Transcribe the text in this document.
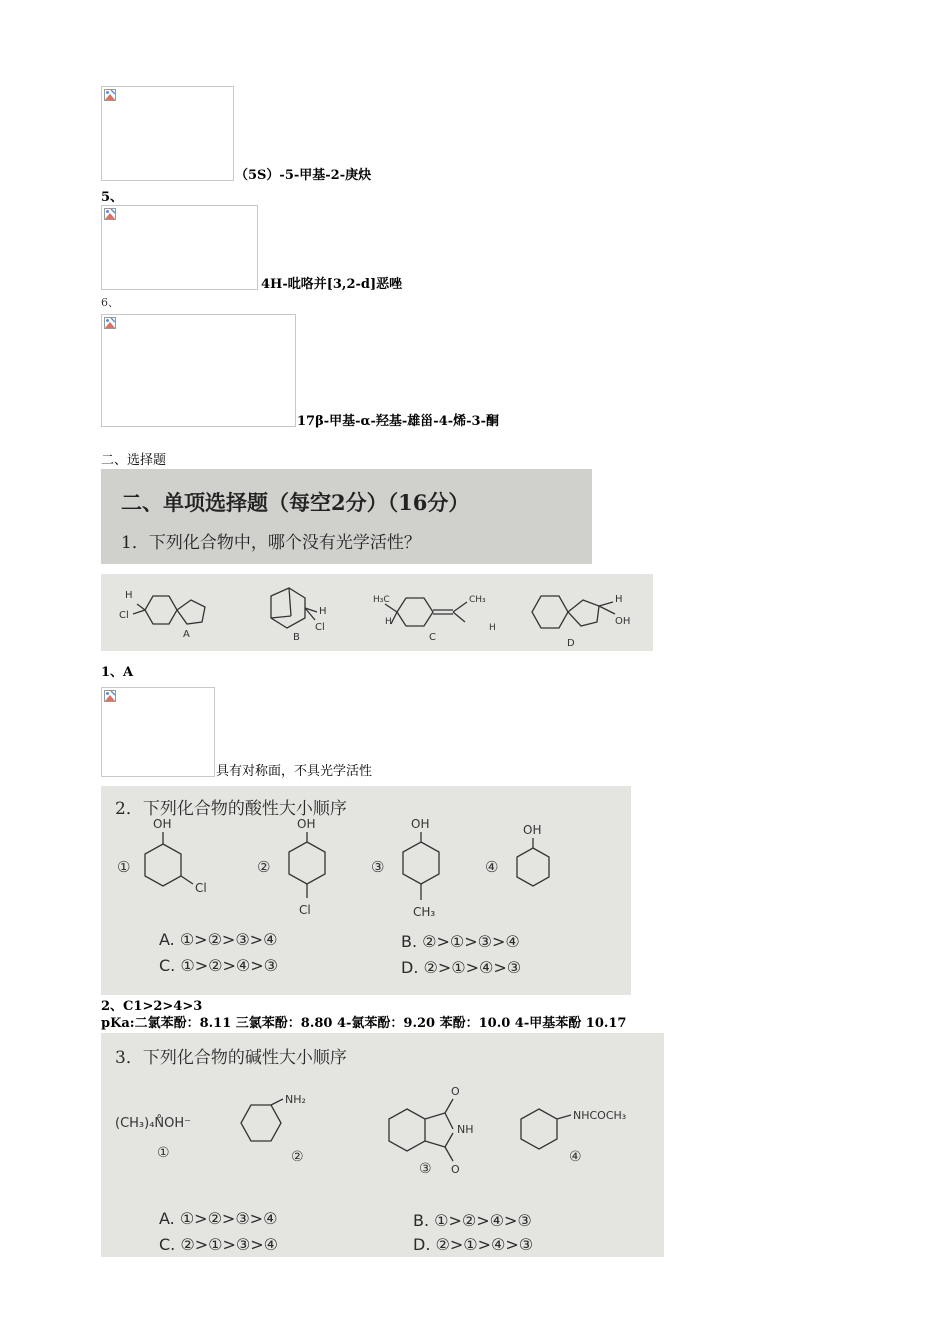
（5S）-5-甲基-2-庚炔
5、
4H-吡咯并[3,2-d]恶唑
6、
17β-甲基-α-羟基-雄甾-4-烯-3-酮
二、选择题
二、单项选择题（每空2分）（16分）
1．下列化合物中，哪个没有光学活性？
A
H
Cl
B
H
Cl
C
H₃C
H
CH₃
H
D
H
OH
1、A
具有对称面，不具光学活性
2．下列化合物的酸性大小顺序
OH
Cl
OH
Cl
OH
CH₃
OH
①	②	③	④
A. ①>②>③>④	B. ②>①>③>④
C. ①>②>④>③	D. ②>①>④>③
2、C1>2>4>3
pKa:二氯苯酚：8.11 三氯苯酚：8.80 4-氯苯酚：9.20 苯酚：10.0 4-甲基苯酚 10.17
3．下列化合物的碱性大小顺序
(CH₃)₄N̊OH⁻
NH₂
O
NH
O
NHCOCH₃
①	②
③
④
A. ①>②>③>④	B. ①>②>④>③
C. ②>①>③>④	D. ②>①>④>③
